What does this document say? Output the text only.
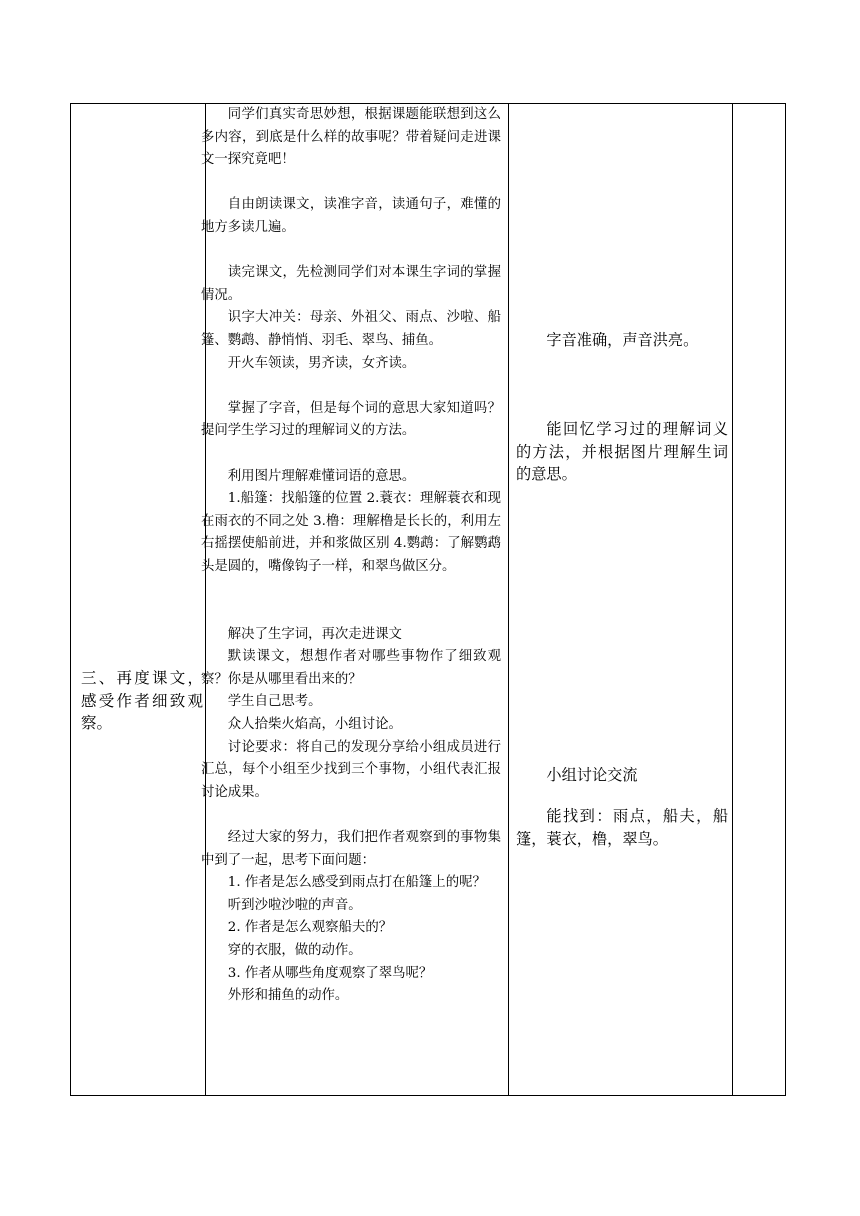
三、再度课文，感受作者细致观察。

同学们真实奇思妙想，根据课题能联想到这么多内容，到底是什么样的故事呢？带着疑问走进课文一探究竟吧！

自由朗读课文，读准字音，读通句子，难懂的地方多读几遍。

读完课文，先检测同学们对本课生字词的掌握情况。

识字大冲关：母亲、外祖父、雨点、沙啦、船篷、鹦鹉、静悄悄、羽毛、翠鸟、捕鱼。

开火车领读，男齐读，女齐读。

掌握了字音，但是每个词的意思大家知道吗？提问学生学习过的理解词义的方法。

利用图片理解难懂词语的意思。

1.船篷：找船篷的位置 2.蓑衣：理解蓑衣和现在雨衣的不同之处 3.橹：理解橹是长长的，利用左右摇摆使船前进，并和浆做区别 4.鹦鹉：了解鹦鹉头是圆的，嘴像钩子一样，和翠鸟做区分。

解决了生字词，再次走进课文

默读课文，想想作者对哪些事物作了细致观察？你是从哪里看出来的？

学生自己思考。

众人拾柴火焰高，小组讨论。

讨论要求：将自己的发现分享给小组成员进行汇总，每个小组至少找到三个事物，小组代表汇报讨论成果。

经过大家的努力，我们把作者观察到的事物集中到了一起，思考下面问题：

1. 作者是怎么感受到雨点打在船篷上的呢？

听到沙啦沙啦的声音。

2. 作者是怎么观察船夫的？

穿的衣服，做的动作。

3. 作者从哪些角度观察了翠鸟呢？

外形和捕鱼的动作。

字音准确，声音洪亮。

能回忆学习过的理解词义的方法，并根据图片理解生词的意思。

小组讨论交流

能找到：雨点，船夫，船篷，蓑衣，橹，翠鸟。
